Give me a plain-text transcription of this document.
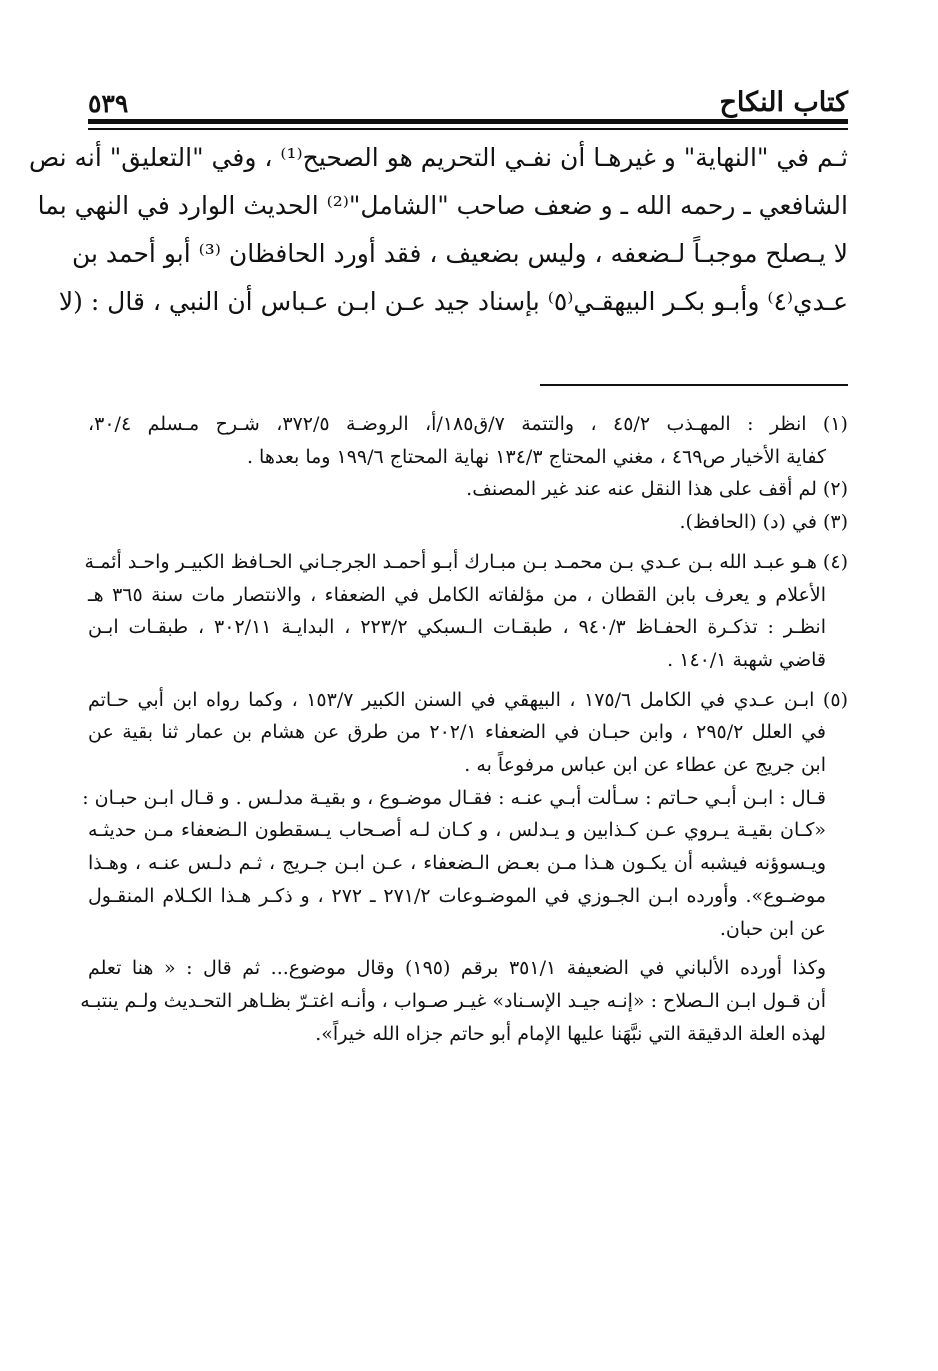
كتاب النكاح
٥٣٩
ثـم في "النهاية" و غيرهـا أن نفـي التحريم هو الصحيح⁽¹⁾ ، وفي "التعليق" أنه نص
الشافعي ـ رحمه الله ـ و ضعف صاحب "الشامل"⁽²⁾ الحديث الوارد في النهي بما
لا يـصلح موجبـاً لـضعفه ، وليس بضعيف ، فقد أورد الحافظان ⁽³⁾ أبو أحمد بن
عـدي⁽٤⁾ وأبـو بكـر البيهقـي⁽٥⁾ بإسناد جيد عـن ابـن عـباس أن النبي ، قال : (لا
(١) انظر : المهـذب ٤٥/٢ ، والتتمة ٧/ق١٨٥/أ، الروضـة ٣٧٢/٥، شـرح مـسلم ٣٠/٤،
كفاية الأخيار ص٤٦٩ ، مغني المحتاج ١٣٤/٣ نهاية المحتاج ١٩٩/٦ وما بعدها .
(٢) لم أقف على هذا النقل عنه عند غير المصنف.
(٣) في (د) (الحافظ).
(٤) هـو عبـد الله بـن عـدي بـن محمـد بـن مبـارك أبـو أحمـد الجرجـاني الحـافظ الكبيـر واحـد أئمـة
الأعلام و يعرف بابن القطان ، من مؤلفاته الكامل في الضعفاء ، والانتصار مات سنة ٣٦٥ هـ
انظـر : تذكـرة الحفـاظ ٩٤٠/٣ ، طبقـات الـسبكي ٢٢٣/٢ ، البدايـة ٣٠٢/١١ ، طبقـات ابـن
قاضي شهبة ١٤٠/١ .
(٥) ابـن عـدي في الكامل ١٧٥/٦ ، البيهقي في السنن الكبير ١٥٣/٧ ، وكما رواه ابن أبي حـاتم
في العلل ٢٩٥/٢ ، وابن حبـان في الضعفاء ٢٠٢/١ من طرق عن هشام بن عمار ثنا بقية عن
ابن جريج عن عطاء عن ابن عباس مرفوعاً به .
قـال : ابـن أبـي حـاتم : سـألت أبـي عنـه : فقـال موضـوع ، و بقيـة مدلـس . و قـال ابـن حبـان :
«كـان بقيـة يـروي عـن كـذابين و يـدلس ، و كـان لـه أصـحاب يـسقطون الـضعفاء مـن حديثـه
ويـسوؤنه فيشبه أن يكـون هـذا مـن بعـض الـضعفاء ، عـن ابـن جـريج ، ثـم دلـس عنـه ، وهـذا
موضـوع». وأورده ابـن الجـوزي في الموضـوعات ٢٧١/٢ ـ ٢٧٢ ، و ذكـر هـذا الكـلام المنقـول
عن ابن حبان.
وكذا أورده الألباني في الضعيفة ٣٥١/١ برقم (١٩٥) وقال موضوع... ثم قال : « هنا تعلم
أن قـول ابـن الـصلاح : «إنـه جيـد الإسـناد» غيـر صـواب ، وأنـه اغتـرّ بظـاهر التحـديث ولـم ينتبـه
لهذه العلة الدقيقة التي نبَّهَنا عليها الإمام أبو حاتم جزاه الله خيراً».
